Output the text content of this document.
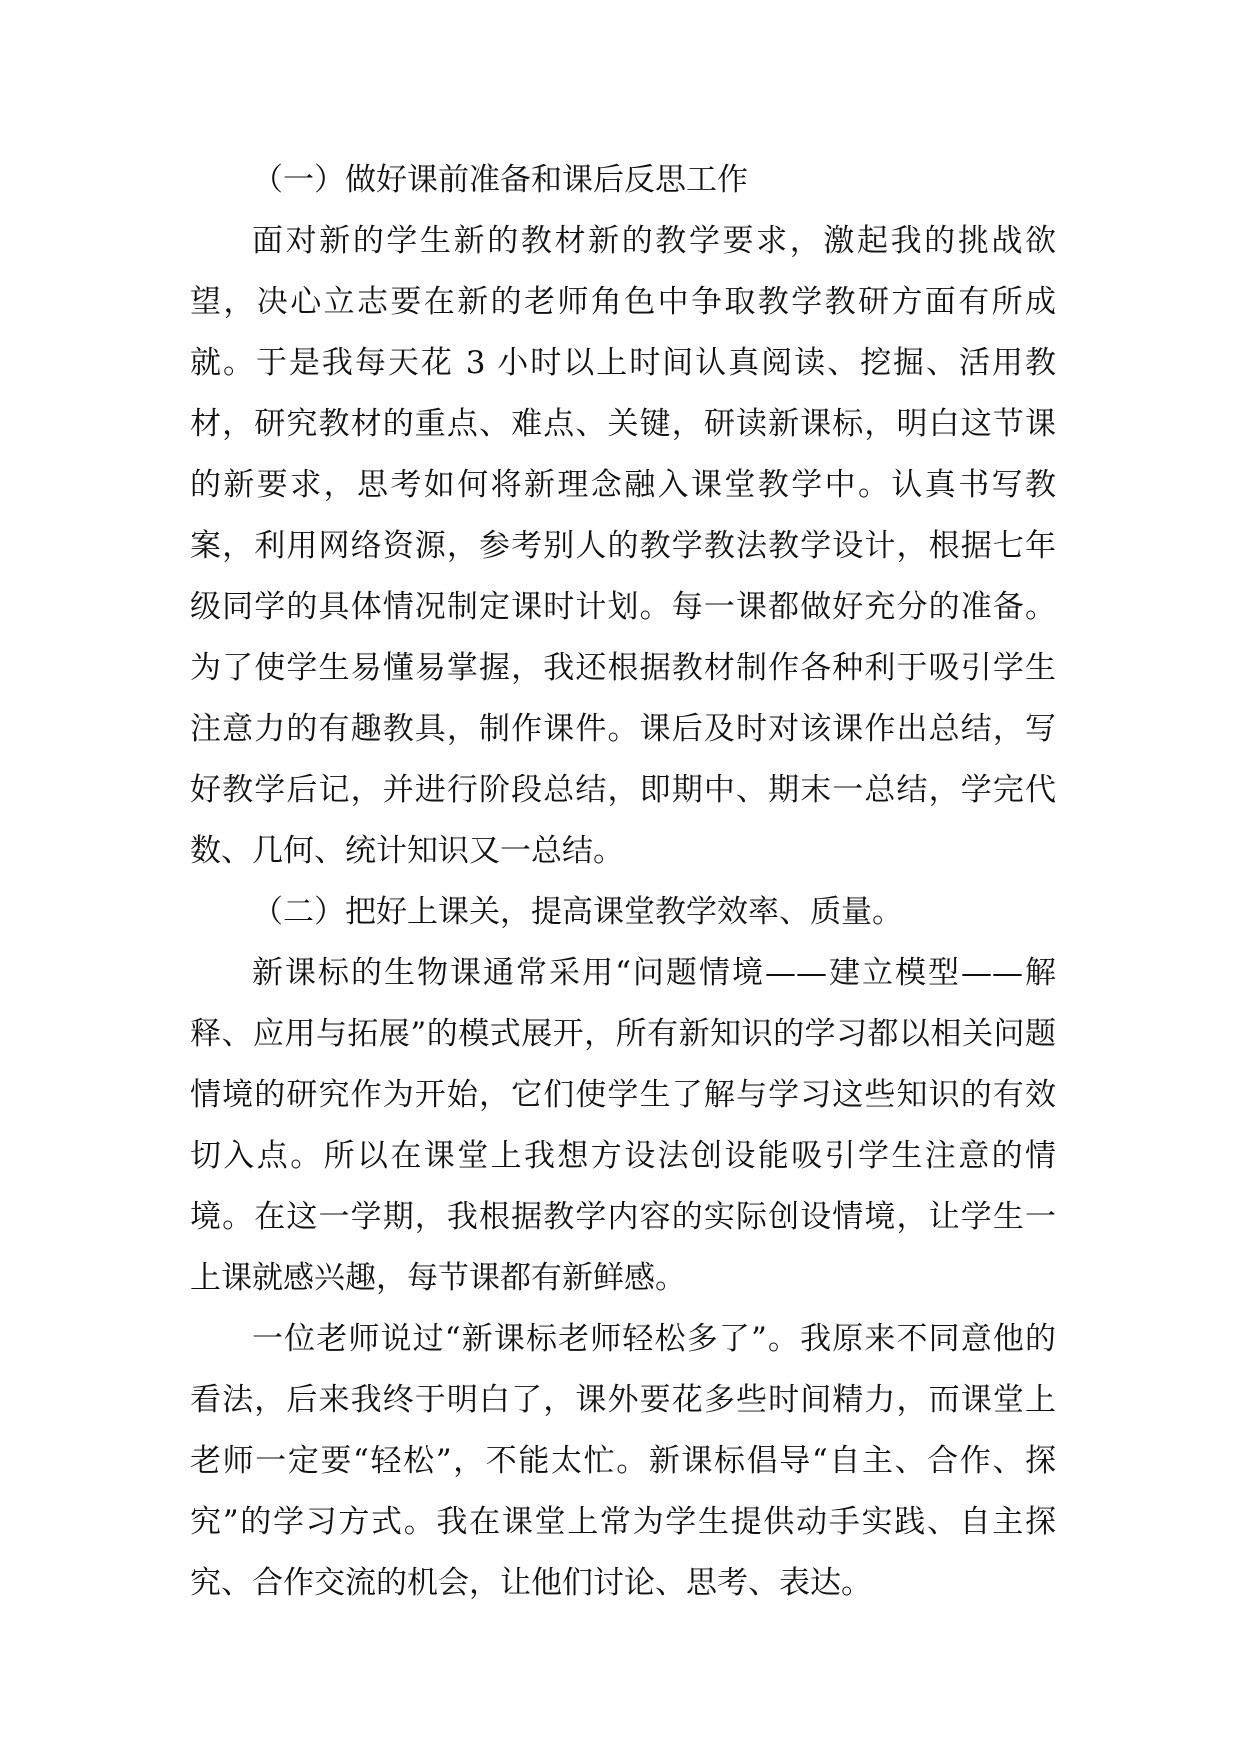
（一）做好课前准备和课后反思工作

面对新的学生新的教材新的教学要求，激起我的挑战欲望，决心立志要在新的老师角色中争取教学教研方面有所成就。于是我每天花 3 小时以上时间认真阅读、挖掘、活用教材，研究教材的重点、难点、关键，研读新课标，明白这节课的新要求，思考如何将新理念融入课堂教学中。认真书写教案，利用网络资源，参考别人的教学教法教学设计，根据七年级同学的具体情况制定课时计划。每一课都做好充分的准备。为了使学生易懂易掌握，我还根据教材制作各种利于吸引学生注意力的有趣教具，制作课件。课后及时对该课作出总结，写好教学后记，并进行阶段总结，即期中、期末一总结，学完代数、几何、统计知识又一总结。

（二）把好上课关，提高课堂教学效率、质量。

新课标的生物课通常采用“问题情境——建立模型——解释、应用与拓展”的模式展开，所有新知识的学习都以相关问题情境的研究作为开始，它们使学生了解与学习这些知识的有效切入点。所以在课堂上我想方设法创设能吸引学生注意的情境。在这一学期，我根据教学内容的实际创设情境，让学生一上课就感兴趣，每节课都有新鲜感。

一位老师说过“新课标老师轻松多了”。我原来不同意他的看法，后来我终于明白了，课外要花多些时间精力，而课堂上老师一定要“轻松”，不能太忙。新课标倡导“自主、合作、探究”的学习方式。我在课堂上常为学生提供动手实践、自主探究、合作交流的机会，让他们讨论、思考、表达。
